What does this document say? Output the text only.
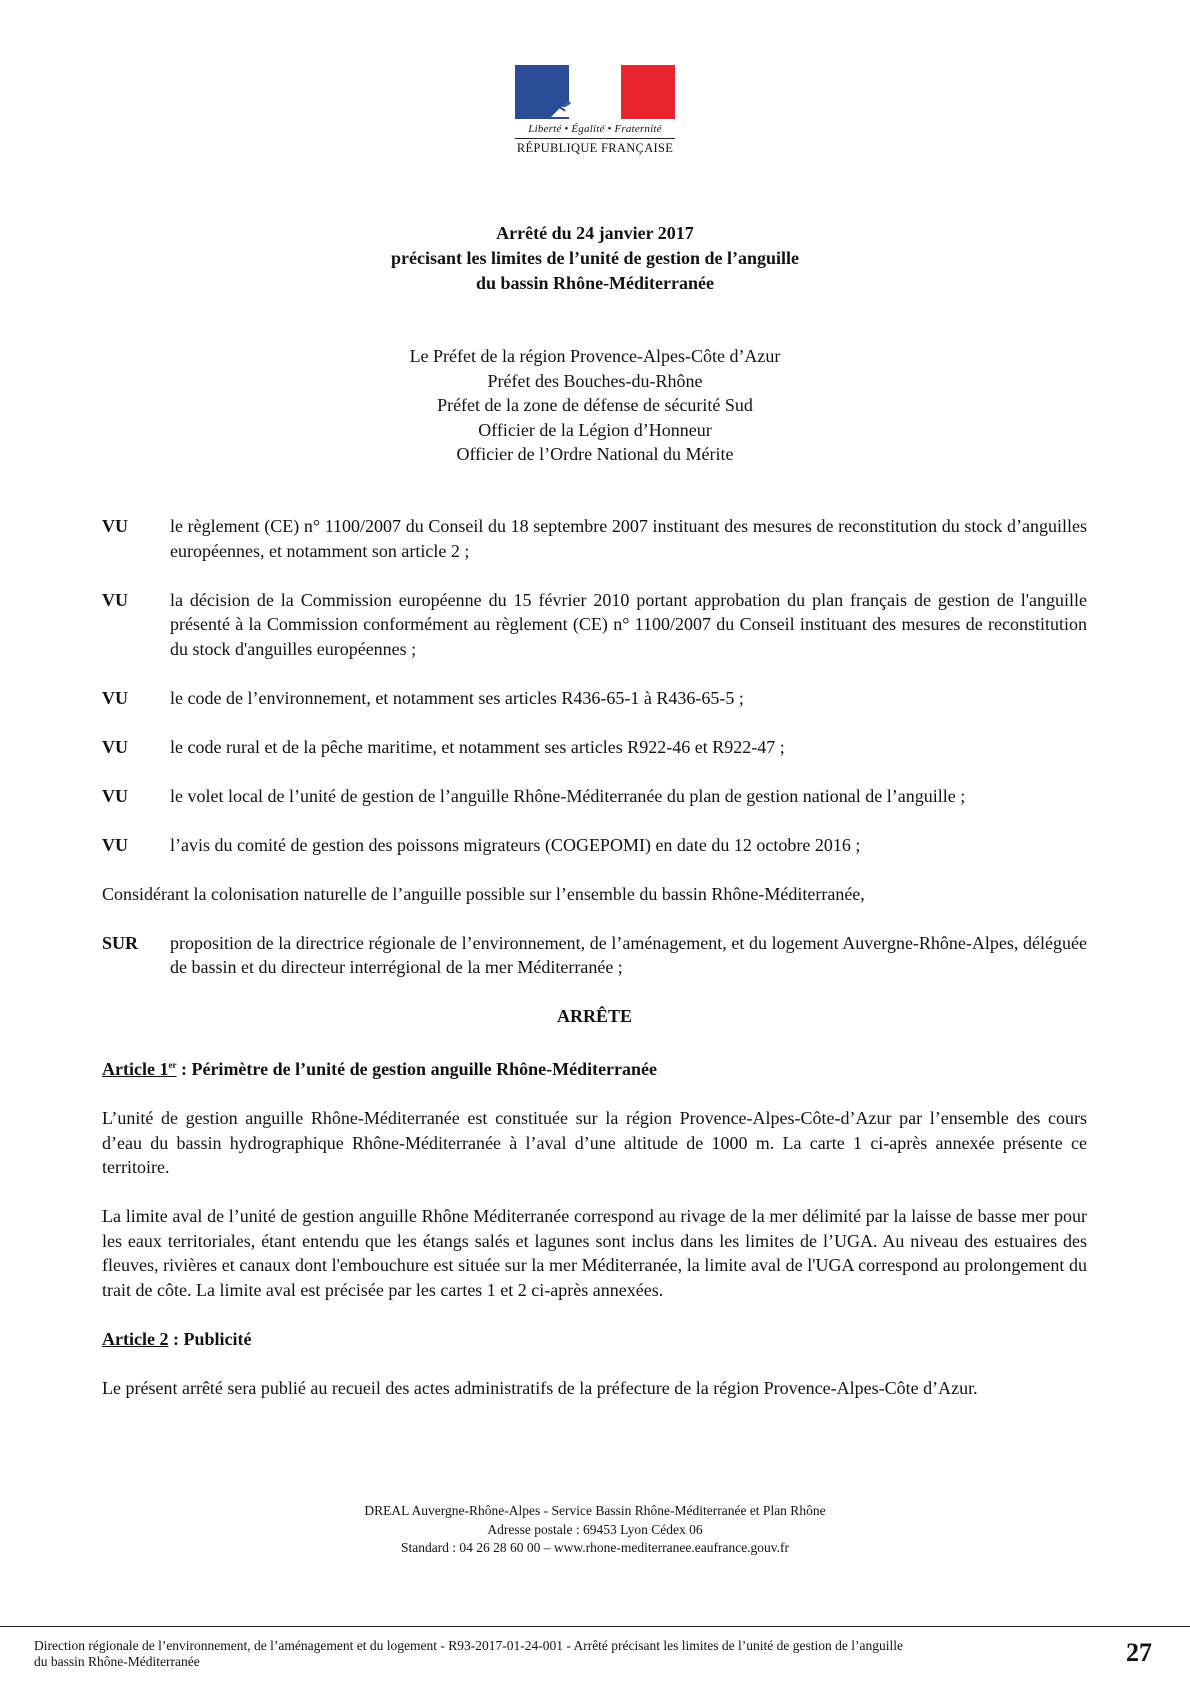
Liberté • Égalité • Fraternité
RÉPUBLIQUE FRANÇAISE
Arrêté du 24 janvier 2017
précisant les limites de l’unité de gestion de l’anguille
du bassin Rhône-Méditerranée
Le Préfet de la région Provence-Alpes-Côte d’Azur
Préfet des Bouches-du-Rhône
Préfet de la zone de défense de sécurité Sud
Officier de la Légion d’Honneur
Officier de l’Ordre National du Mérite
VU	le règlement (CE) n° 1100/2007 du Conseil du 18 septembre 2007 instituant des mesures de reconstitution du stock d’anguilles européennes, et notamment son article 2 ;
VU	la décision de la Commission européenne du 15 février 2010 portant approbation du plan français de gestion de l'anguille présenté à la Commission conformément au règlement (CE) n° 1100/2007 du Conseil instituant des mesures de reconstitution du stock d'anguilles européennes ;
VU	le code de l’environnement, et notamment ses articles R436-65-1 à R436-65-5 ;
VU	le code rural et de la pêche maritime, et notamment ses articles R922-46 et R922-47 ;
VU	le volet local de l’unité de gestion de l’anguille Rhône-Méditerranée du plan de gestion national de l’anguille ;
VU	l’avis du comité de gestion des poissons migrateurs (COGEPOMI) en date du 12 octobre 2016 ;
Considérant la colonisation naturelle de l’anguille possible sur l’ensemble du bassin Rhône-Méditerranée,
SUR	proposition de la directrice régionale de l’environnement, de l’aménagement, et du logement Auvergne-Rhône-Alpes, déléguée de bassin et du directeur interrégional de la mer Méditerranée ;
ARRÊTE
Article 1er : Périmètre de l’unité de gestion anguille Rhône-Méditerranée
L’unité de gestion anguille Rhône-Méditerranée est constituée sur la région Provence-Alpes-Côte-d’Azur par l’ensemble des cours d’eau du bassin hydrographique Rhône-Méditerranée à l’aval d’une altitude de 1000 m. La carte 1 ci-après annexée présente ce territoire.
La limite aval de l’unité de gestion anguille Rhône Méditerranée correspond au rivage de la mer délimité par la laisse de basse mer pour les eaux territoriales, étant entendu que les étangs salés et lagunes sont inclus dans les limites de l’UGA. Au niveau des estuaires des fleuves, rivières et canaux dont l'embouchure est située sur la mer Méditerranée, la limite aval de l'UGA correspond au prolongement du trait de côte. La limite aval est précisée par les cartes 1 et 2 ci-après annexées.
Article 2 : Publicité
Le présent arrêté sera publié au recueil des actes administratifs de la préfecture de la région Provence-Alpes-Côte d’Azur.
DREAL Auvergne-Rhône-Alpes - Service Bassin Rhône-Méditerranée et Plan Rhône
Adresse postale : 69453 Lyon Cédex 06
Standard : 04 26 28 60 00 – www.rhone-mediterranee.eaufrance.gouv.fr
Direction régionale de l’environnement, de l’aménagement et du logement - R93-2017-01-24-001 - Arrêté précisant les limites de l’unité de gestion de l’anguille
du bassin Rhône-Méditerranée	27
